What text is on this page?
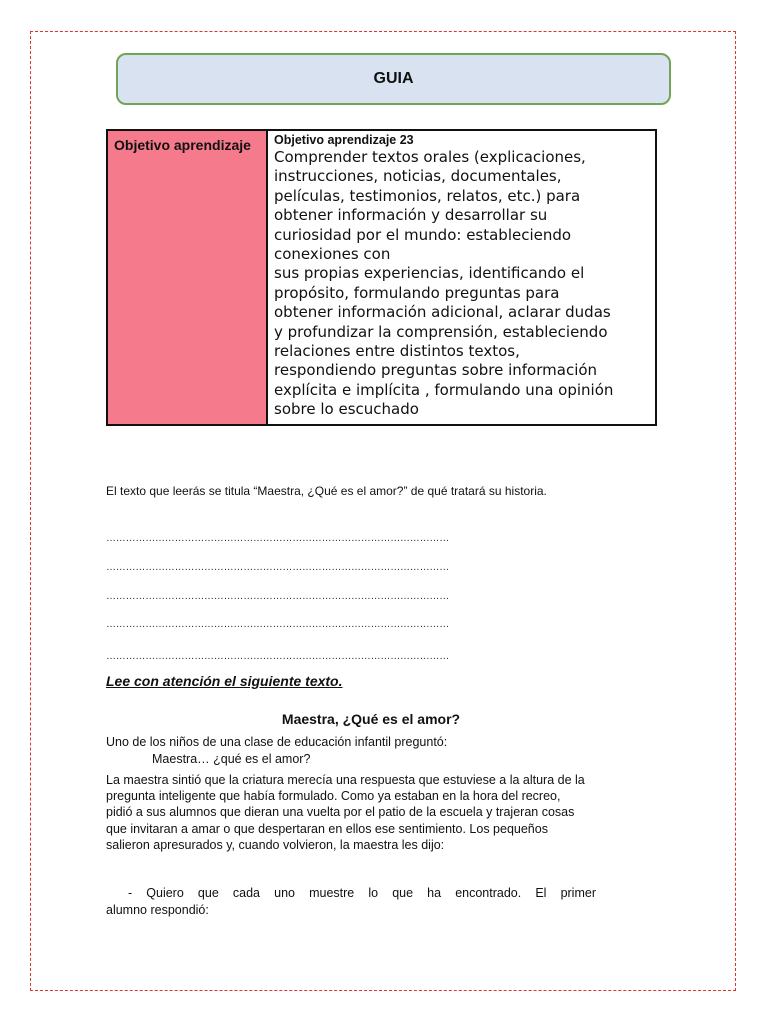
GUIA
Objetivo aprendizaje	Objetivo aprendizaje 23
Comprender textos orales (explicaciones,
instrucciones, noticias, documentales,
películas, testimonios, relatos, etc.) para
obtener información y desarrollar su
curiosidad por el mundo: estableciendo
conexiones con
sus propias experiencias, identificando el
propósito, formulando preguntas para
obtener información adicional, aclarar dudas
y profundizar la comprensión, estableciendo
relaciones entre distintos textos,
respondiendo preguntas sobre información
explícita e implícita , formulando una opinión
sobre lo escuchado
El texto que leerás se titula “Maestra, ¿Qué es el amor?” de qué tratará su historia.
……………………………………………………………………………………………
……………………………………………………………………………………………
……………………………………………………………………………………………
……………………………………………………………………………………………
……………………………………………………………………………………………
Lee con atención el siguiente texto.
Maestra, ¿Qué es el amor?
Uno de los niños de una clase de educación infantil preguntó:
Maestra… ¿qué es el amor?
La maestra sintió que la criatura merecía una respuesta que estuviese a la altura de la
pregunta inteligente que había formulado. Como ya estaban en la hora del recreo,
pidió a sus alumnos que dieran una vuelta por el patio de la escuela y trajeran cosas
que invitaran a amar o que despertaran en ellos ese sentimiento. Los pequeños
salieron apresurados y, cuando volvieron, la maestra les dijo:
- Quiero que cada uno muestre lo que ha encontrado. El primer
alumno respondió:
